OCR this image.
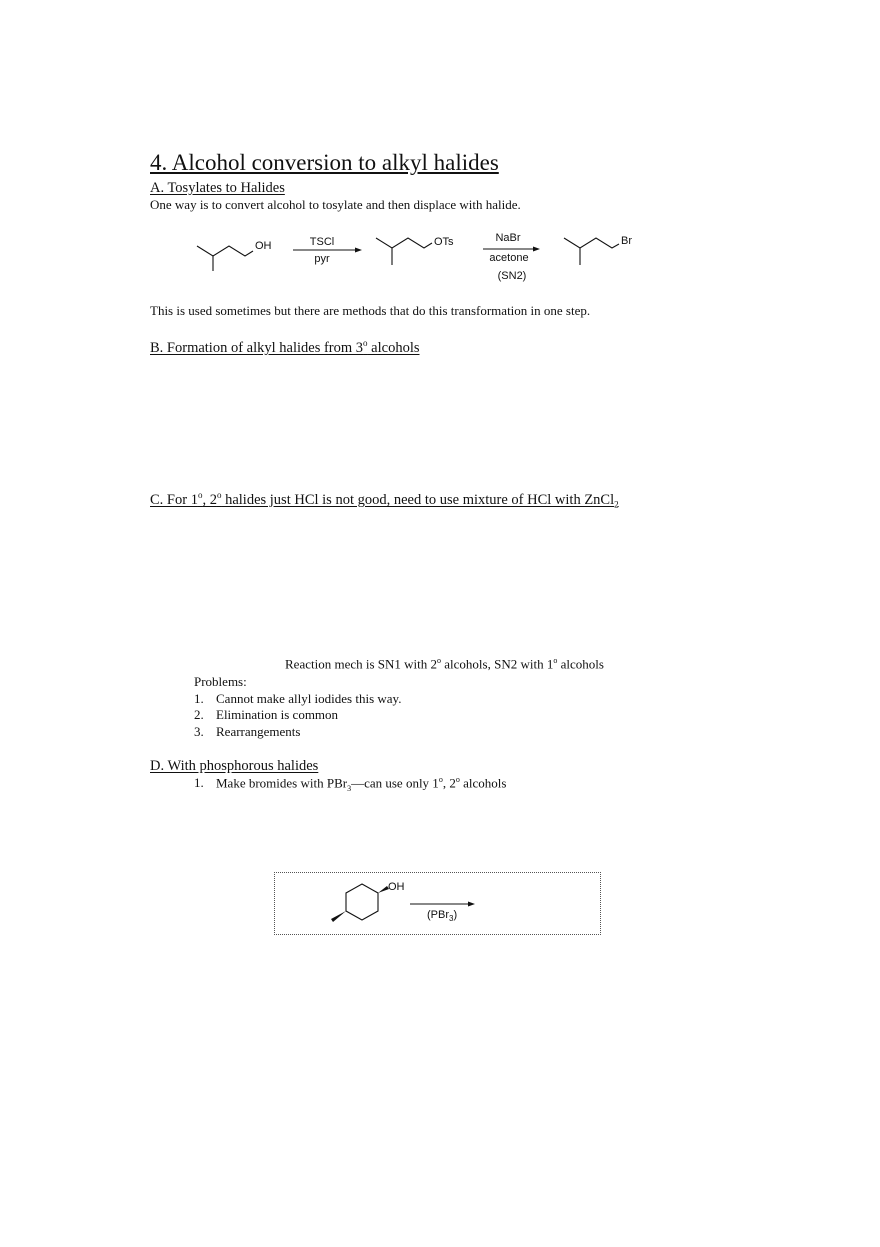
4. Alcohol conversion to alkyl halides
A. Tosylates to Halides
One way is to convert alcohol to tosylate and then displace with halide.
OH	TSCl
pyr
OTs	NaBr
acetone
(SN2)
Br
This is used sometimes but there are methods that do this transformation in one step.
B. Formation of alkyl halides from 3$^o$ alcohols
C. For 1$^o$, 2$^o$ halides just HCl is not good, need to use mixture of HCl with ZnCl$_2$
Reaction mech is SN1 with 2$^o$ alcohols, SN2 with 1$^o$ alcohols
Problems:
1. Cannot make allyl iodides this way.
2. Elimination is common
3. Rearrangements
D. With phosphorous halides
1. Make bromides with PBr$_3$—can use only 1$^o$, 2$^o$ alcohols
OH
(PBr$_3$)
